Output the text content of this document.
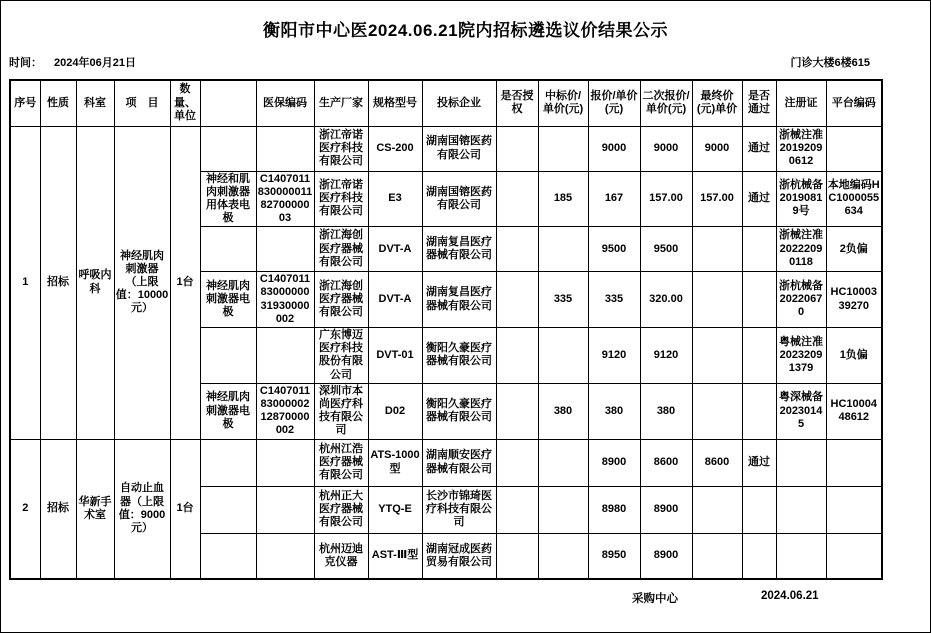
衡阳市中心医2024.06.21院内招标遴选议价结果公示
时间： 2024年06月21日	门诊大楼6楼615
序号	性质	科室	项　目	数量、单位		医保编码	生产厂家	规格型号	投标企业	是否授权	中标价/单价(元)	报价/单价(元)	二次报价/单价(元)	最终价(元)单价	是否通过	注册证	平台编码
1	招标	呼吸内科	神经肌肉刺激器（上限值：10000元）	1台			浙江帝诺医疗科技有限公司	CS-200	湖南国镕医药有限公司			9000	9000	9000	通过	浙械注准20192090612	
					神经和肌肉刺激器用体表电极	C14070118300000118270000003	浙江帝诺医疗科技有限公司	E3	湖南国镕医药有限公司		185	167	157.00	157.00	通过	浙杭械备20190819号	本地编码HC1000055634
							浙江海创医疗器械有限公司	DVT-A	湖南复昌医疗器械有限公司			9500	9500			浙械注准20222090118	2负偏
					神经肌肉刺激器电极	C14070118300000031930000002	浙江海创医疗器械有限公司	DVT-A	湖南复昌医疗器械有限公司		335	335	320.00			浙杭械备20220670	HC1000339270
							广东博迈医疗科技股份有限公司	DVT-01	衡阳久豪医疗器械有限公司			9120	9120			粤械注准20232091379	1负偏
					神经肌肉刺激器电极	C14070118300000212870000002	深圳市本尚医疗科技有限公司	D02	衡阳久豪医疗器械有限公司		380	380	380			粤深械备20230145	HC1000448612
2	招标	华新手术室	自动止血器（上限值：9000元）	1台			杭州江浩医疗器械有限公司	ATS-1000型	湖南顺安医疗器械有限公司			8900	8600	8600	通过		
							杭州正大医疗器械有限公司	YTQ-E	长沙市锦琦医疗科技有限公司			8980	8900				
							杭州迈迪克仪器	AST-Ⅲ型	湖南冠成医药贸易有限公司			8950	8900				
采购中心	2024.06.21
